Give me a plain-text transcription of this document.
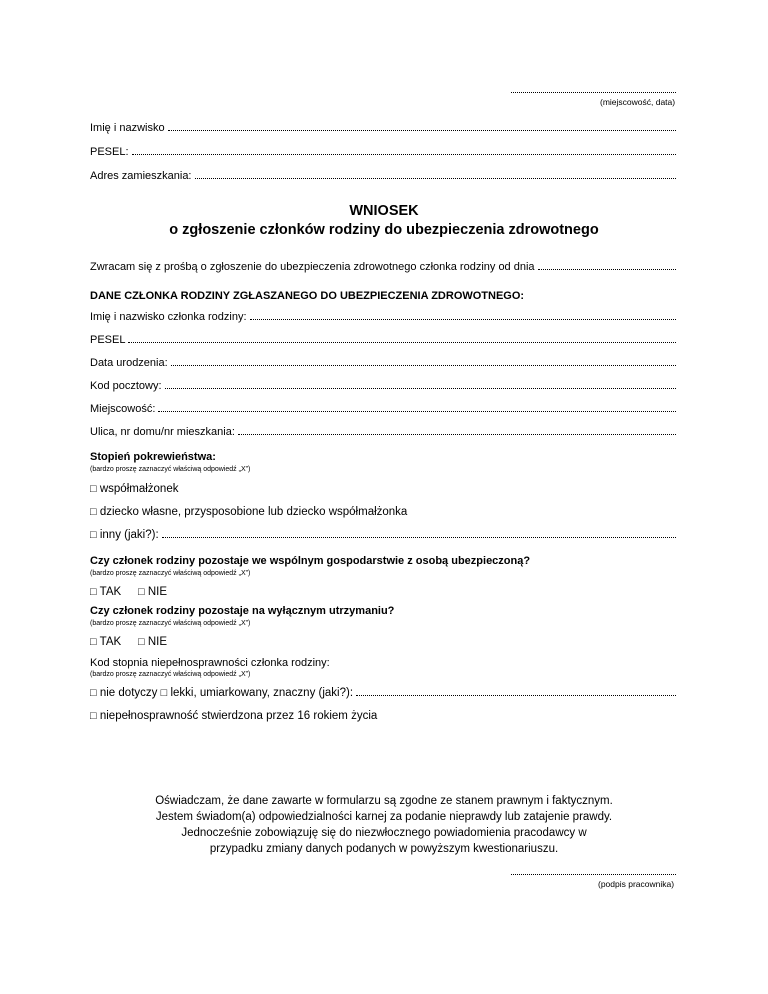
(miejscowość, data)
Imię i nazwisko
PESEL:
Adres zamieszkania:
WNIOSEK
o zgłoszenie członków rodziny do ubezpieczenia zdrowotnego
Zwracam się z prośbą o zgłoszenie do ubezpieczenia zdrowotnego członka rodziny od dnia
DANE CZŁONKA RODZINY ZGŁASZANEGO DO UBEZPIECZENIA ZDROWOTNEGO:
Imię i nazwisko członka rodziny:
PESEL
Data urodzenia:
Kod pocztowy:
Miejscowość:
Ulica, nr domu/nr mieszkania:
Stopień pokrewieństwa:
(bardzo proszę zaznaczyć właściwą odpowiedź „X”)
□ współmałżonek
□ dziecko własne, przysposobione lub dziecko współmałżonka
□ inny (jaki?):
Czy członek rodziny pozostaje we wspólnym gospodarstwie z osobą ubezpieczoną?
(bardzo proszę zaznaczyć właściwą odpowiedź „X”)
□ TAK □ NIE
Czy członek rodziny pozostaje na wyłącznym utrzymaniu?
(bardzo proszę zaznaczyć właściwą odpowiedź „X”)
□ TAK □ NIE
Kod stopnia niepełnosprawności członka rodziny:
(bardzo proszę zaznaczyć właściwą odpowiedź „X”)
□ nie dotyczy □ lekki, umiarkowany, znaczny (jaki?):
□ niepełnosprawność stwierdzona przez 16 rokiem życia
Oświadczam, że dane zawarte w formularzu są zgodne ze stanem prawnym i faktycznym.
Jestem świadom(a) odpowiedzialności karnej za podanie nieprawdy lub zatajenie prawdy.
Jednocześnie zobowiązuję się do niezwłocznego powiadomienia pracodawcy w
przypadku zmiany danych podanych w powyższym kwestionariuszu.
(podpis pracownika)
